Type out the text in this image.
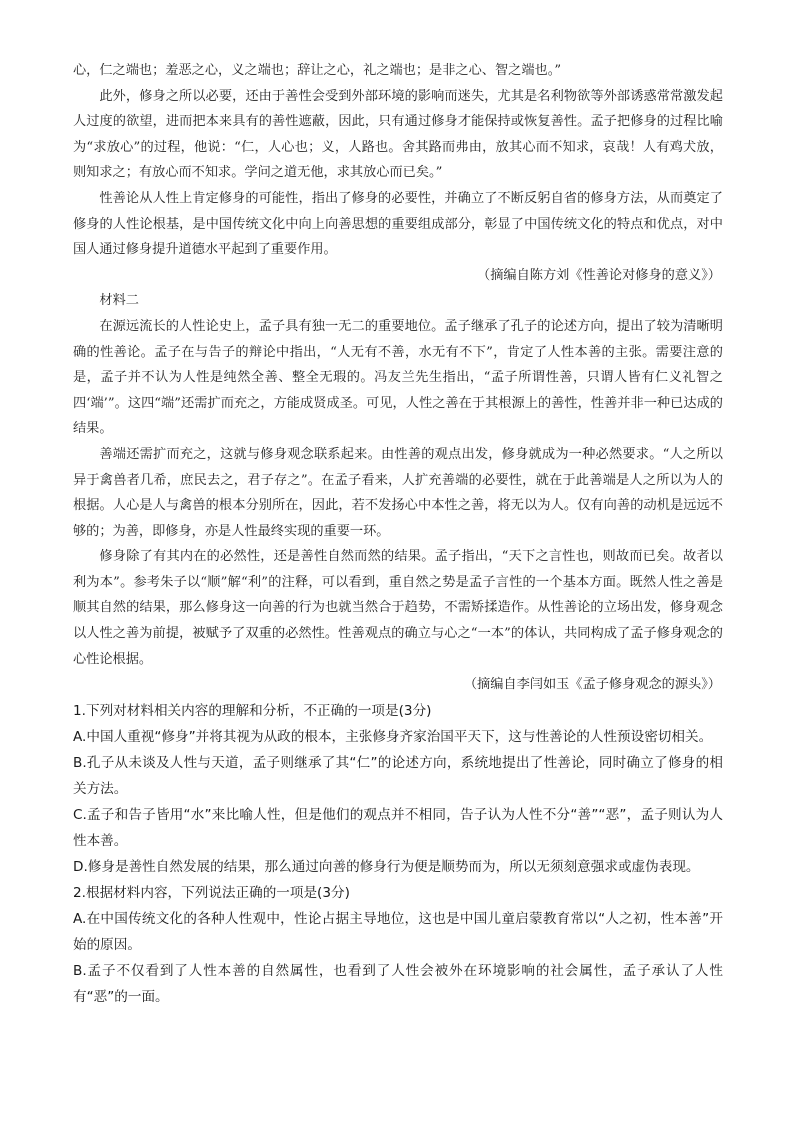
心，仁之端也；羞恶之心，义之端也；辞让之心，礼之端也；是非之心、智之端也。”

此外，修身之所以必要，还由于善性会受到外部环境的影响而迷失，尤其是名利物欲等外部诱惑常常激发起人过度的欲望，进而把本来具有的善性遮蔽，因此，只有通过修身才能保持或恢复善性。孟子把修身的过程比喻为“求放心”的过程，他说：“仁，人心也；义，人路也。舍其路而弗由，放其心而不知求，哀哉！人有鸡犬放，则知求之；有放心而不知求。学问之道无他，求其放心而已矣。”

性善论从人性上肯定修身的可能性，指出了修身的必要性，并确立了不断反躬自省的修身方法，从而奠定了修身的人性论根基，是中国传统文化中向上向善思想的重要组成部分，彰显了中国传统文化的特点和优点，对中国人通过修身提升道德水平起到了重要作用。

（摘编自陈方刘《性善论对修身的意义》）

材料二

在源远流长的人性论史上，孟子具有独一无二的重要地位。孟子继承了孔子的论述方向，提出了较为清晰明确的性善论。孟子在与告子的辩论中指出，“人无有不善，水无有不下”，肯定了人性本善的主张。需要注意的是，孟子并不认为人性是纯然全善、整全无瑕的。冯友兰先生指出，“孟子所谓性善，只谓人皆有仁义礼智之四‘端’”。这四“端”还需扩而充之，方能成贤成圣。可见，人性之善在于其根源上的善性，性善并非一种已达成的结果。

善端还需扩而充之，这就与修身观念联系起来。由性善的观点出发，修身就成为一种必然要求。“人之所以异于禽兽者几希，庶民去之，君子存之”。在孟子看来，人扩充善端的必要性，就在于此善端是人之所以为人的根据。人心是人与禽兽的根本分别所在，因此，若不发扬心中本性之善，将无以为人。仅有向善的动机是远远不够的；为善，即修身，亦是人性最终实现的重要一环。

修身除了有其内在的必然性，还是善性自然而然的结果。孟子指出，“天下之言性也，则故而已矣。故者以利为本”。参考朱子以“顺”解“利”的注释，可以看到，重自然之势是孟子言性的一个基本方面。既然人性之善是顺其自然的结果，那么修身这一向善的行为也就当然合于趋势，不需矫揉造作。从性善论的立场出发，修身观念以人性之善为前提，被赋予了双重的必然性。性善观点的确立与心之“一本”的体认，共同构成了孟子修身观念的心性论根据。

（摘编自李闫如玉《孟子修身观念的源头》）

1.下列对材料相关内容的理解和分析，不正确的一项是(3分)

A.中国人重视“修身”并将其视为从政的根本，主张修身齐家治国平天下，这与性善论的人性预设密切相关。

B.孔子从未谈及人性与天道，孟子则继承了其“仁”的论述方向，系统地提出了性善论，同时确立了修身的相关方法。

C.孟子和告子皆用“水”来比喻人性，但是他们的观点并不相同，告子认为人性不分“善”“恶”，孟子则认为人性本善。

D.修身是善性自然发展的结果，那么通过向善的修身行为便是顺势而为，所以无须刻意强求或虚伪表现。

2.根据材料内容，下列说法正确的一项是(3分)

A.在中国传统文化的各种人性观中，性论占据主导地位，这也是中国儿童启蒙教育常以“人之初，性本善”开始的原因。

B.孟子不仅看到了人性本善的自然属性，也看到了人性会被外在环境影响的社会属性，孟子承认了人性有“恶”的一面。
